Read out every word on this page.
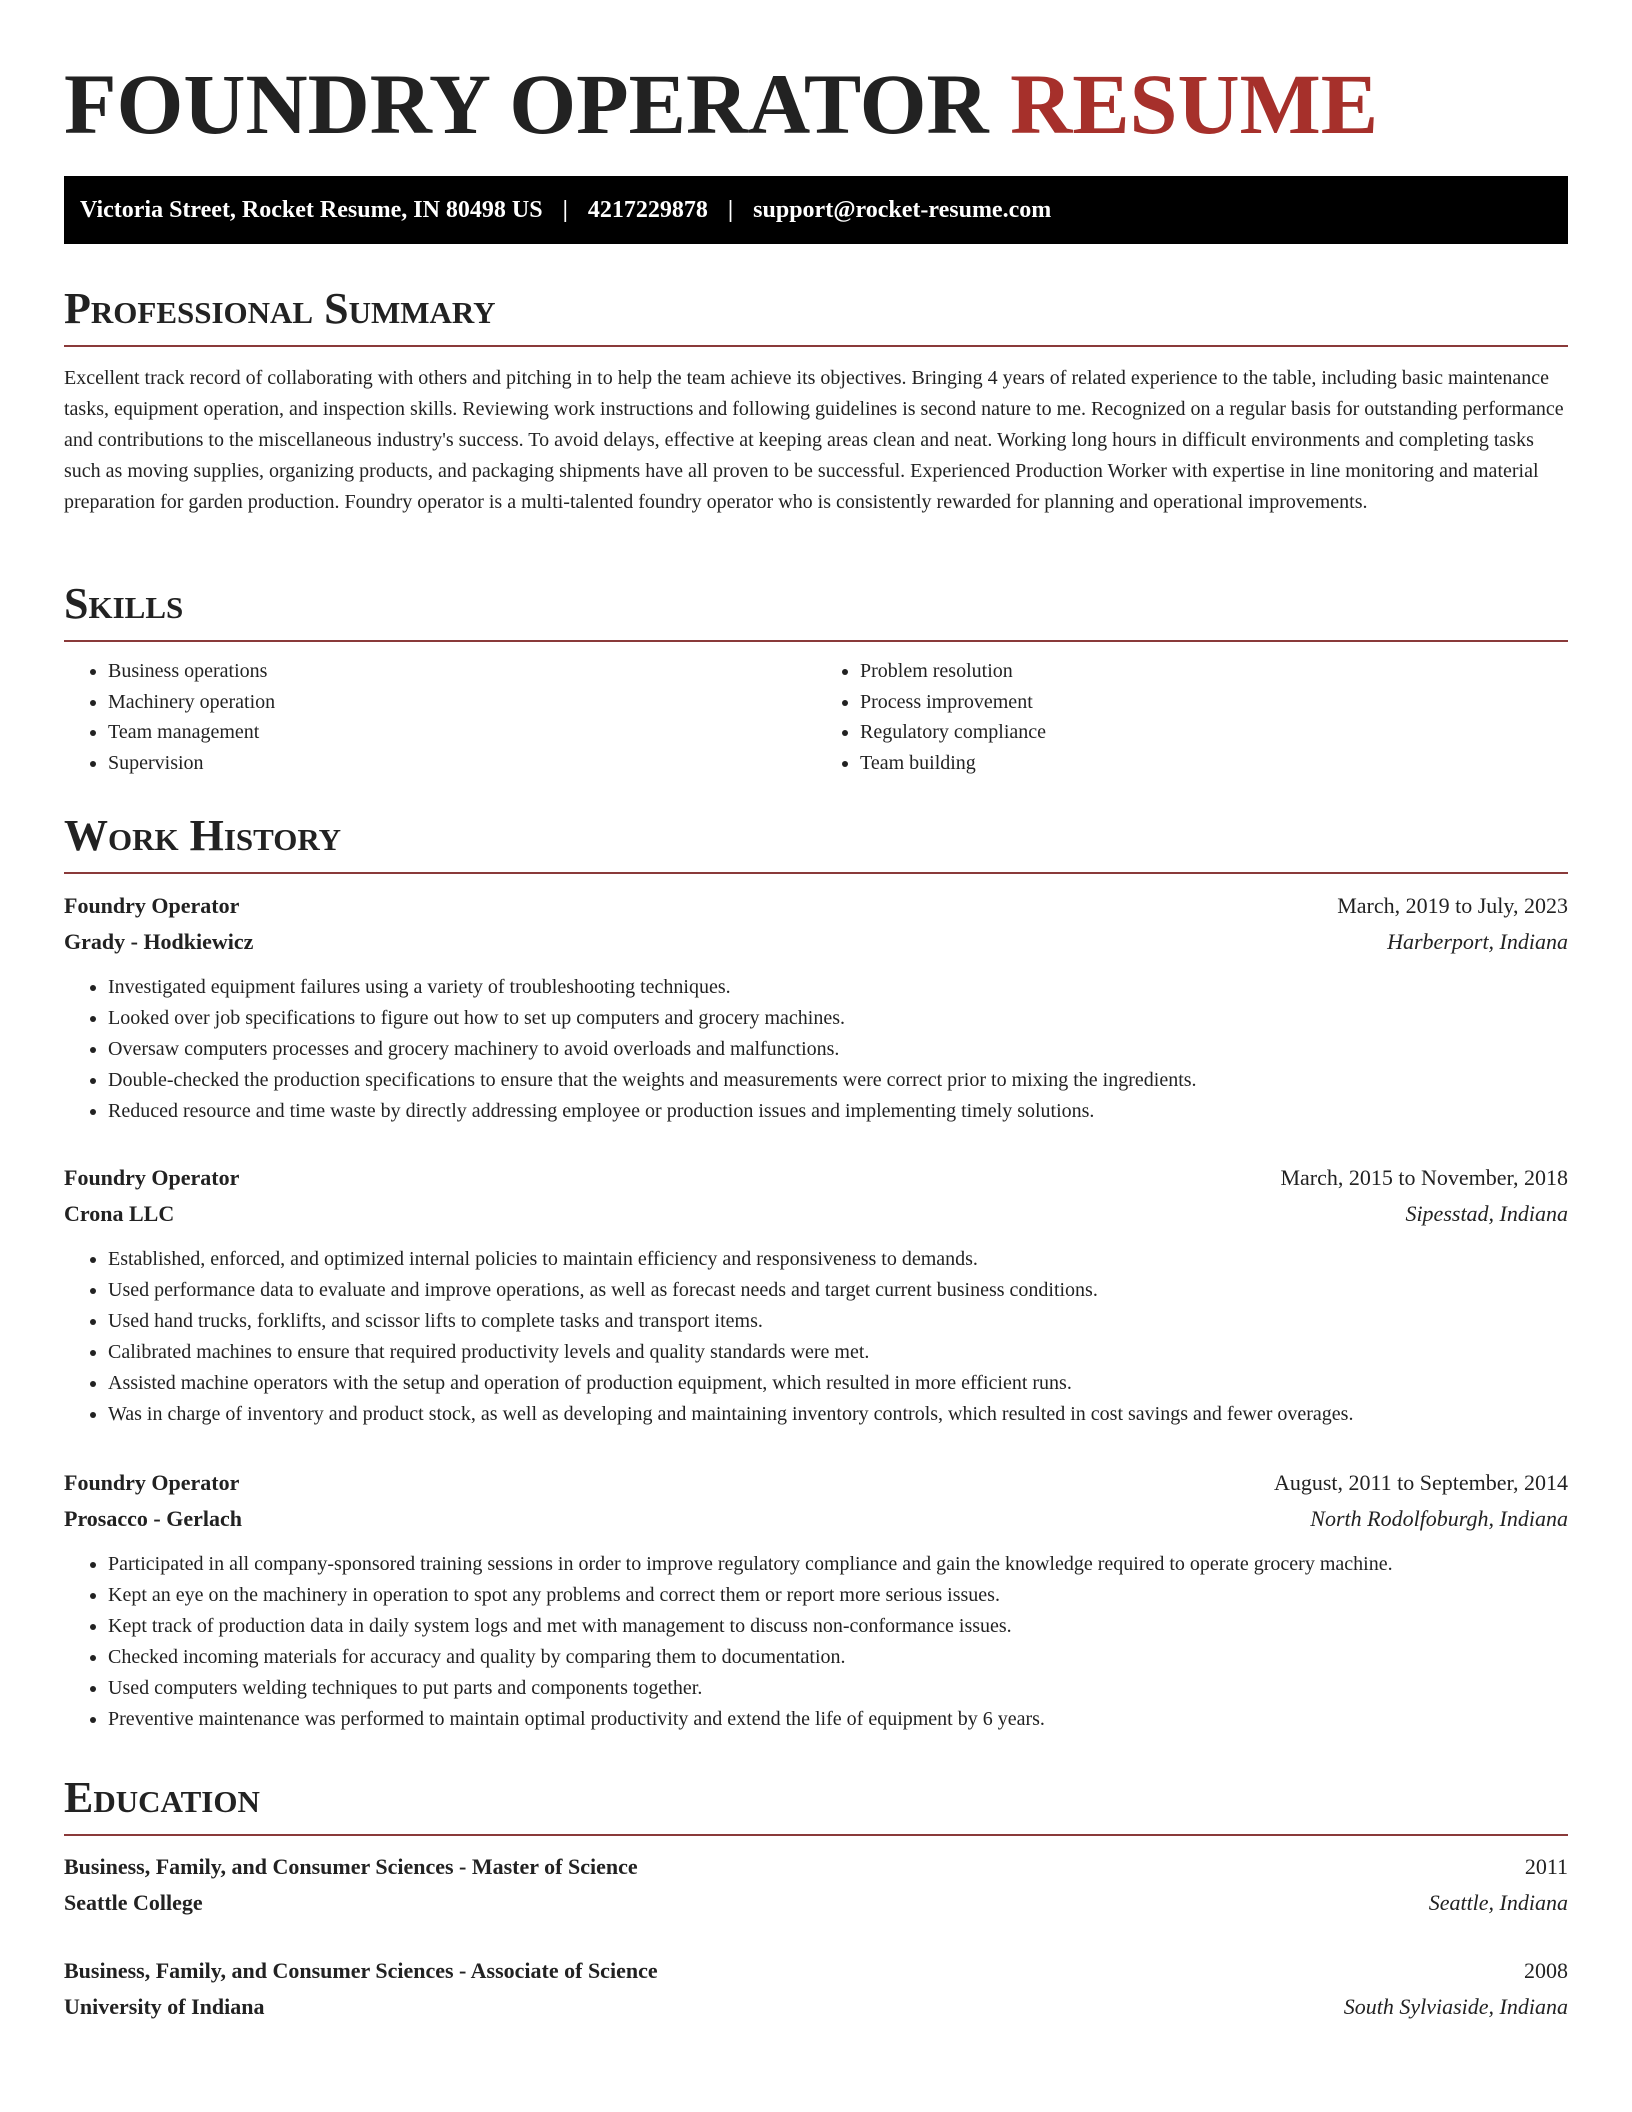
FOUNDRY OPERATOR RESUME
Victoria Street, Rocket Resume, IN 80498 US | 4217229878 | support@rocket-resume.com
Professional Summary

Excellent track record of collaborating with others and pitching in to help the team achieve its objectives. Bringing 4 years of related experience to the table, including basic maintenance tasks, equipment operation, and inspection skills. Reviewing work instructions and following guidelines is second nature to me. Recognized on a regular basis for outstanding performance and contributions to the miscellaneous industry's success. To avoid delays, effective at keeping areas clean and neat. Working long hours in difficult environments and completing tasks such as moving supplies, organizing products, and packaging shipments have all proven to be successful. Experienced Production Worker with expertise in line monitoring and material preparation for garden production. Foundry operator is a multi-talented foundry operator who is consistently rewarded for planning and operational improvements.

Skills
• Business operations
• Machinery operation
• Team management
• Supervision
• Problem resolution
• Process improvement
• Regulatory compliance
• Team building
Work History
Foundry Operator	March, 2019 to July, 2023
Grady - Hodkiewicz	Harberport, Indiana
• Investigated equipment failures using a variety of troubleshooting techniques.
• Looked over job specifications to figure out how to set up computers and grocery machines.
• Oversaw computers processes and grocery machinery to avoid overloads and malfunctions.
• Double-checked the production specifications to ensure that the weights and measurements were correct prior to mixing the ingredients.
• Reduced resource and time waste by directly addressing employee or production issues and implementing timely solutions.
Foundry Operator	March, 2015 to November, 2018
Crona LLC	Sipesstad, Indiana
• Established, enforced, and optimized internal policies to maintain efficiency and responsiveness to demands.
• Used performance data to evaluate and improve operations, as well as forecast needs and target current business conditions.
• Used hand trucks, forklifts, and scissor lifts to complete tasks and transport items.
• Calibrated machines to ensure that required productivity levels and quality standards were met.
• Assisted machine operators with the setup and operation of production equipment, which resulted in more efficient runs.
• Was in charge of inventory and product stock, as well as developing and maintaining inventory controls, which resulted in cost savings and fewer overages.
Foundry Operator	August, 2011 to September, 2014
Prosacco - Gerlach	North Rodolfoburgh, Indiana
• Participated in all company-sponsored training sessions in order to improve regulatory compliance and gain the knowledge required to operate grocery machine.
• Kept an eye on the machinery in operation to spot any problems and correct them or report more serious issues.
• Kept track of production data in daily system logs and met with management to discuss non-conformance issues.
• Checked incoming materials for accuracy and quality by comparing them to documentation.
• Used computers welding techniques to put parts and components together.
• Preventive maintenance was performed to maintain optimal productivity and extend the life of equipment by 6 years.
Education
Business, Family, and Consumer Sciences - Master of Science	2011
Seattle College	Seattle, Indiana
Business, Family, and Consumer Sciences - Associate of Science	2008
University of Indiana	South Sylviaside, Indiana
